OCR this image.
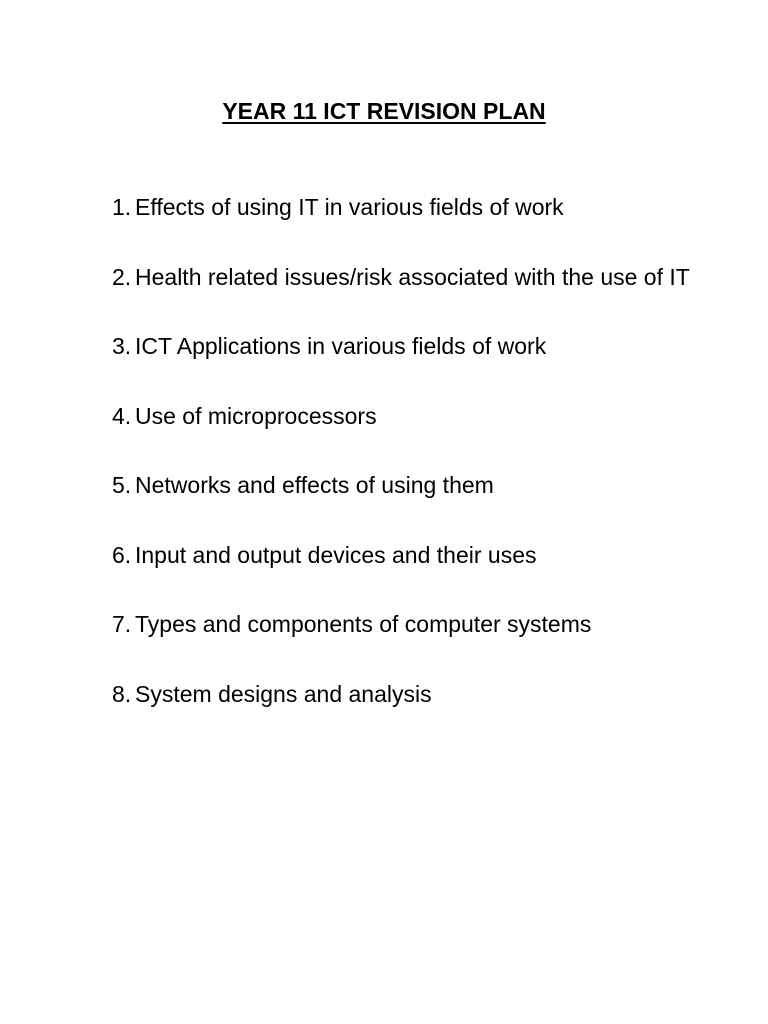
YEAR 11 ICT REVISION PLAN
1. Effects of using IT in various fields of work
2. Health related issues/risk associated with the use of IT
3. ICT Applications in various fields of work
4. Use of microprocessors
5. Networks and effects of using them
6. Input and output devices and their uses
7. Types and components of computer systems
8. System designs and analysis
